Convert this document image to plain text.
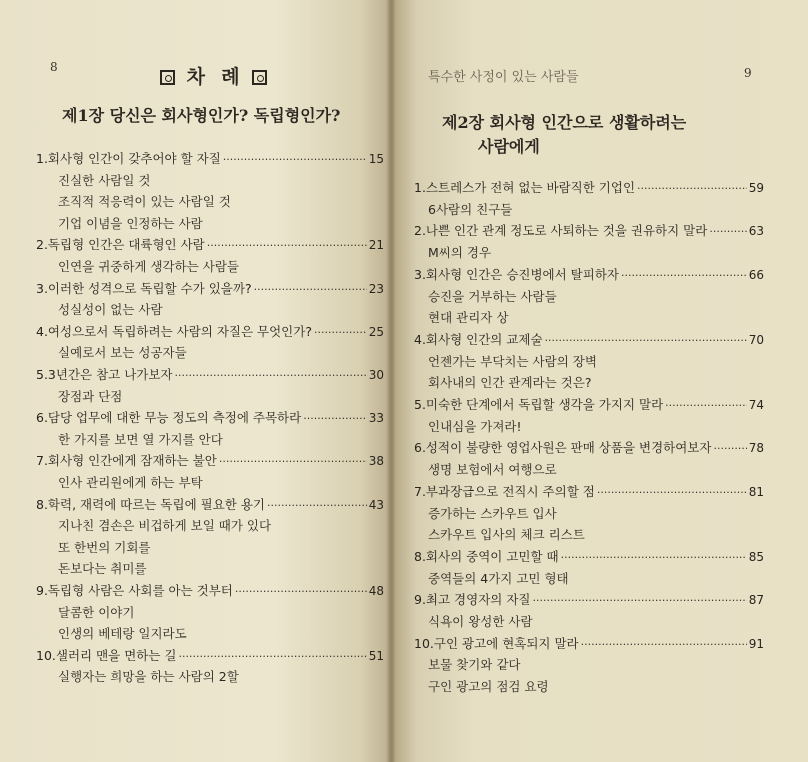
8	차  례
제1장 당신은 회사형인가? 독립형인가?
1.회사형 인간이 갖추어야 할 자질 ·····	15
진실한 사람일 것
조직적 적응력이 있는 사람일 것
기업 이념을 인정하는 사람
2.독립형 인간은 대륙형인 사람 ·····	21
인연을 귀중하게 생각하는 사람들
3.이러한 성격으로 독립할 수가 있을까? ·····	23
성실성이 없는 사람
4.여성으로서 독립하려는 사람의 자질은 무엇인가? ·····	25
실예로서 보는 성공자들
5.3년간은 참고 나가보자 ·····	30
장점과 단점
6.담당 업무에 대한 무능 정도의 측정에 주목하라 ·····	33
한 가지를 보면 열 가지를 안다
7.회사형 인간에게 잠재하는 불안 ·····	38
인사 관리원에게 하는 부탁
8.학력, 재력에 따르는 독립에 필요한 용기 ·····	43
지나친 겸손은 비겁하게 보일 때가 있다
또 한번의 기회를
돈보다는 취미를
9.독립형 사람은 사회를 아는 것부터 ·····	48
달콤한 이야기
인생의 베테랑 일지라도
10.샐러리 맨을 면하는 길 ·····	51
실행자는 희망을 하는 사람의 2할
특수한 사정이 있는 사람들	9
제2장 회사형 인간으로 생활하려는
사람에게
1.스트레스가 전혀 없는 바람직한 기업인 ·····	59
6사람의 친구들
2.나쁜 인간 관계 정도로 사퇴하는 것을 권유하지 말라 ·····	63
M씨의 경우
3.회사형 인간은 승진병에서 탈피하자 ·····	66
승진을 거부하는 사람들
현대 관리자 상
4.회사형 인간의 교제술 ·····	70
언젠가는 부닥치는 사람의 장벽
회사내의 인간 관계라는 것은?
5.미숙한 단계에서 독립할 생각을 가지지 말라 ·····	74
인내심을 가져라!
6.성적이 불량한 영업사원은 판매 상품을 변경하여보자 ·····	78
생명 보험에서 여행으로
7.부과장급으로 전직시 주의할 점 ·····	81
증가하는 스카우트 입사
스카우트 입사의 체크 리스트
8.회사의 중역이 고민할 때 ·····	85
중역들의 4가지 고민 형태
9.최고 경영자의 자질 ·····	87
식욕이 왕성한 사람
10.구인 광고에 현혹되지 말라 ·····	91
보물 찾기와 같다
구인 광고의 점검 요령
